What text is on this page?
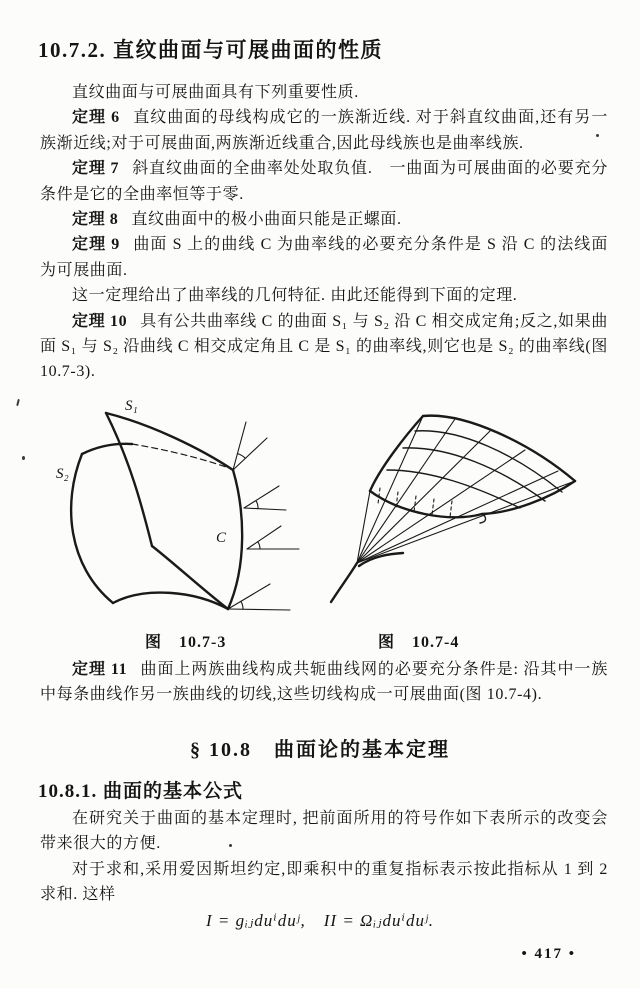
10.7.2. 直纹曲面与可展曲面的性质

直纹曲面与可展曲面具有下列重要性质.

定理 6 直纹曲面的母线构成它的一族渐近线. 对于斜直纹曲面,还有另一族渐近线;对于可展曲面,两族渐近线重合,因此母线族也是曲率线族.

定理 7 斜直纹曲面的全曲率处处取负值.　一曲面为可展曲面的必要充分条件是它的全曲率恒等于零.

定理 8 直纹曲面中的极小曲面只能是正螺面.

定理 9 曲面 S 上的曲线 C 为曲率线的必要充分条件是 S 沿 C 的法线面为可展曲面.

这一定理给出了曲率线的几何特征. 由此还能得到下面的定理.

定理 10 具有公共曲率线 C 的曲面 S₁ 与 S₂ 沿 C 相交成定角;反之,如果曲面 S₁ 与 S₂ 沿曲线 C 相交成定角且 C 是 S₁ 的曲率线,则它也是 S₂ 的曲率线(图 10.7-3).

S₁
S₂
C
图　10.7-3	图　10.7-4

定理 11 曲面上两族曲线构成共轭曲线网的必要充分条件是: 沿其中一族中每条曲线作另一族曲线的切线,这些切线构成一可展曲面(图 10.7-4).

§ 10.8　曲面论的基本定理
10.8.1. 曲面的基本公式

在研究关于曲面的基本定理时, 把前面所用的符号作如下表所示的改变会带来很大的方便.

对于求和,采用爱因斯坦约定,即乘积中的重复指标表示按此指标从 1 到 2 求和. 这样

I = gᵢⱼduⁱduʲ,　II = Ωᵢⱼduⁱduʲ.
• 417 •
